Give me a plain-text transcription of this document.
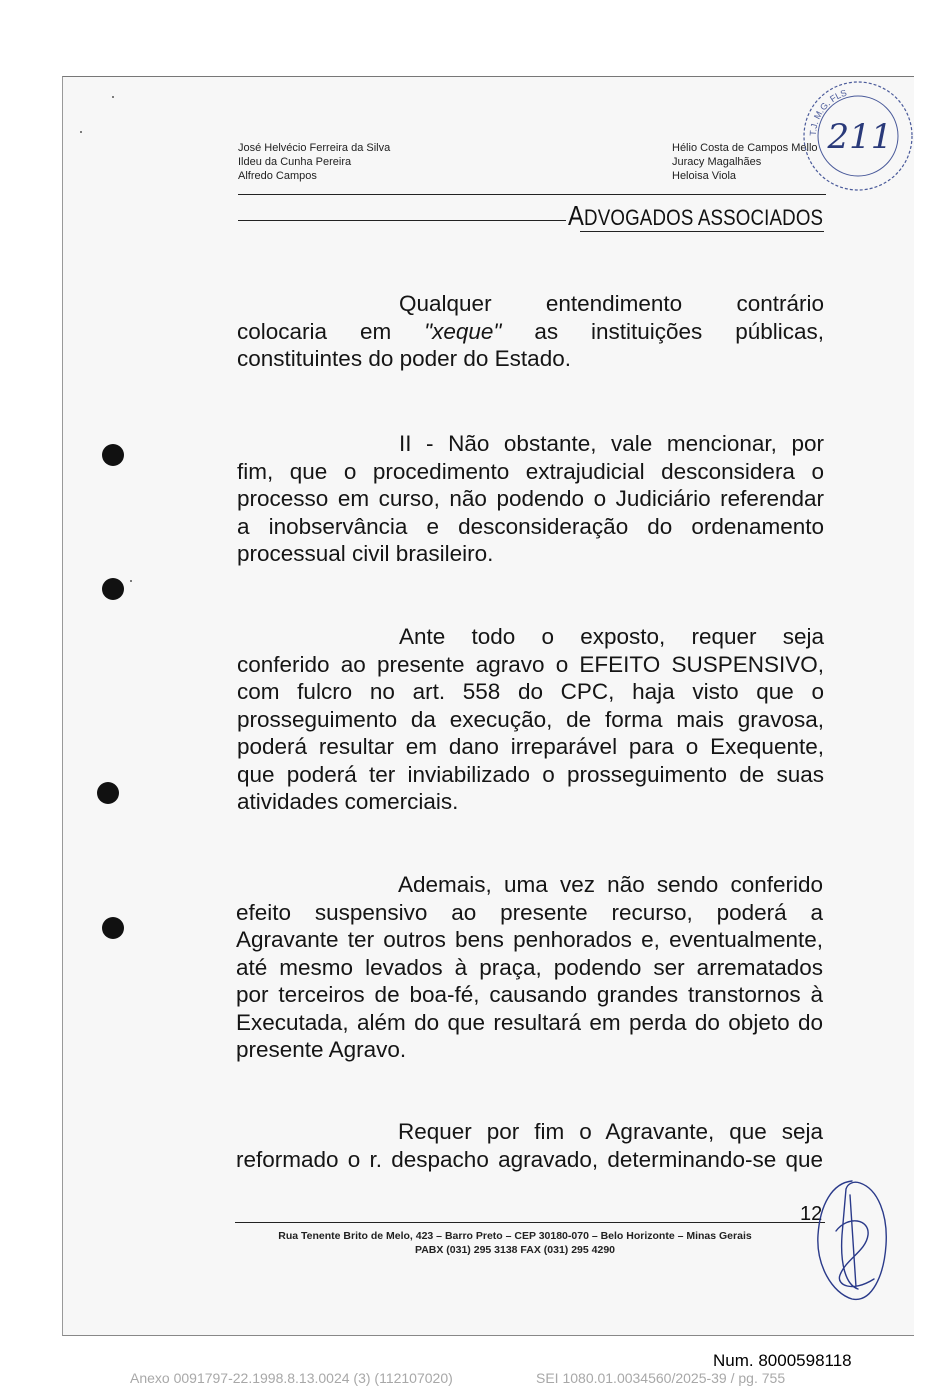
José Helvécio Ferreira da Silva
Ildeu da Cunha Pereira
Alfredo Campos
Hélio Costa de Campos Mello
Juracy Magalhães
Heloisa Viola
ADVOGADOS ASSOCIADOS
T.J. M.G. FLS
211
Qualquer entendimento contrário
colocaria em "xeque" as instituições públicas,
constituintes do poder do Estado.
II - Não obstante, vale mencionar, por
fim, que o procedimento extrajudicial desconsidera o
processo em curso, não podendo o Judiciário referendar
a inobservância e desconsideração do ordenamento
processual civil brasileiro.
Ante todo o exposto, requer seja
conferido ao presente agravo o EFEITO SUSPENSIVO,
com fulcro no art. 558 do CPC, haja visto que o
prosseguimento da execução, de forma mais gravosa,
poderá resultar em dano irreparável para o Exequente,
que poderá ter inviabilizado o prosseguimento de suas
atividades comerciais.
Ademais, uma vez não sendo conferido
efeito suspensivo ao presente recurso, poderá a
Agravante ter outros bens penhorados e, eventualmente,
até mesmo levados à praça, podendo ser arrematados
por terceiros de boa-fé, causando grandes transtornos à
Executada, além do que resultará em perda do objeto do
presente Agravo.
Requer por fim o Agravante, que seja
reformado o r. despacho agravado, determinando-se que
12
Rua Tenente Brito de Melo, 423 – Barro Preto – CEP 30180-070 – Belo Horizonte – Minas Gerais
PABX (031) 295 3138 FAX (031) 295 4290
Num. 8000598118
Anexo 0091797-22.1998.8.13.0024 (3) (112107020)	SEI 1080.01.0034560/2025-39 / pg. 755
